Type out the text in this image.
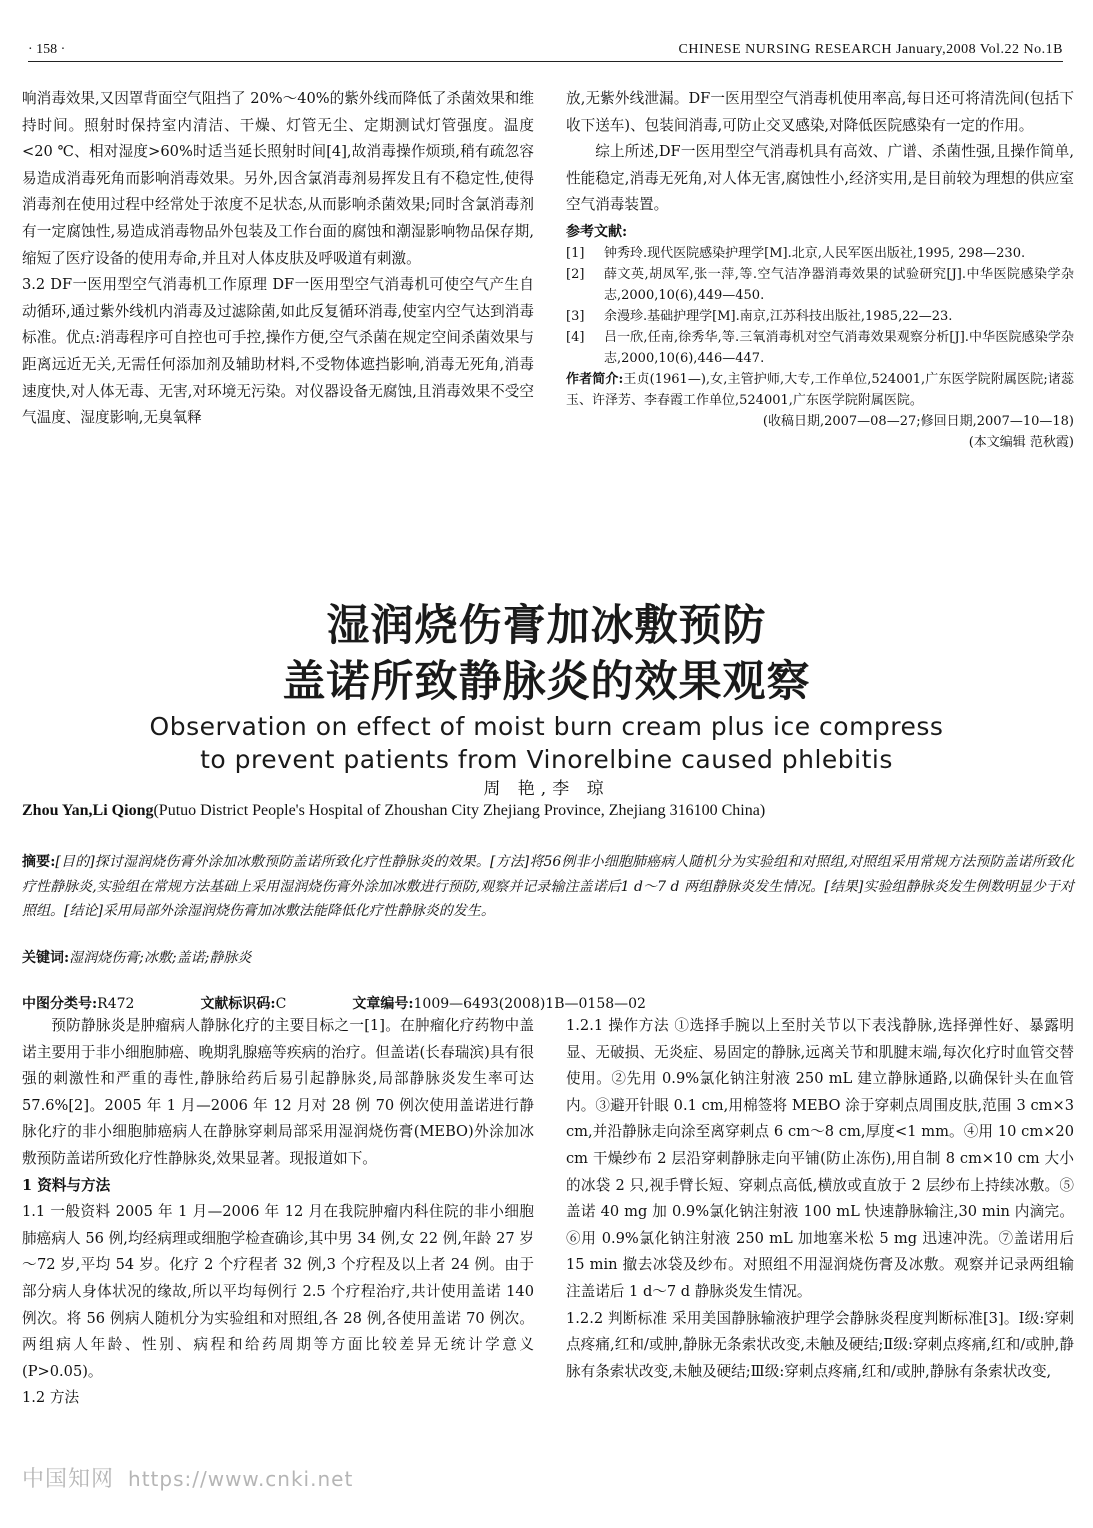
· 158 ·	CHINESE NURSING RESEARCH January,2008 Vol.22 No.1B

响消毒效果,又因罩背面空气阻挡了 20%～40%的紫外线而降低了杀菌效果和维持时间。照射时保持室内清洁、干燥、灯管无尘、定期测试灯管强度。温度<20 ℃、相对湿度>60%时适当延长照射时间[4],故消毒操作烦琐,稍有疏忽容易造成消毒死角而影响消毒效果。另外,因含氯消毒剂易挥发且有不稳定性,使得消毒剂在使用过程中经常处于浓度不足状态,从而影响杀菌效果;同时含氯消毒剂有一定腐蚀性,易造成消毒物品外包装及工作台面的腐蚀和潮湿影响物品保存期,缩短了医疗设备的使用寿命,并且对人体皮肤及呼吸道有刺激。

3.2 DF一医用型空气消毒机工作原理 DF一医用型空气消毒机可使空气产生自动循环,通过紫外线机内消毒及过滤除菌,如此反复循环消毒,使室内空气达到消毒标准。优点:消毒程序可自控也可手控,操作方便,空气杀菌在规定空间杀菌效果与距离远近无关,无需任何添加剂及辅助材料,不受物体遮挡影响,消毒无死角,消毒速度快,对人体无毒、无害,对环境无污染。对仪器设备无腐蚀,且消毒效果不受空气温度、湿度影响,无臭氧释

放,无紫外线泄漏。DF一医用型空气消毒机使用率高,每日还可将清洗间(包括下收下送车)、包装间消毒,可防止交叉感染,对降低医院感染有一定的作用。

综上所述,DF一医用型空气消毒机具有高效、广谱、杀菌性强,且操作简单,性能稳定,消毒无死角,对人体无害,腐蚀性小,经济实用,是目前较为理想的供应室空气消毒装置。

参考文献:
[1]	钟秀玲.现代医院感染护理学[M].北京,人民军医出版社,1995, 298—230.
[2]	薛文英,胡凤军,张一萍,等.空气洁净器消毒效果的试验研究[J].中华医院感染学杂志,2000,10(6),449—450.
[3]	余漫珍.基础护理学[M].南京,江苏科技出版社,1985,22—23.
[4]	吕一欣,任南,徐秀华,等.三氧消毒机对空气消毒效果观察分析[J].中华医院感染学杂志,2000,10(6),446—447.
作者简介:王贞(1961—),女,主管护师,大专,工作单位,524001,广东医学院附属医院;诸蕊玉、许泽芳、李春霞工作单位,524001,广东医学院附属医院。
(收稿日期,2007—08—27;修回日期,2007—10—18)
(本文编辑 范秋霞)

湿润烧伤膏加冰敷预防

盖诺所致静脉炎的效果观察

Observation on effect of moist burn cream plus ice compress

to prevent patients from Vinorelbine caused phlebitis

周 艳,李 琼

Zhou Yan,Li Qiong(Putuo District People's Hospital of Zhoushan City Zhejiang Province, Zhejiang 316100 China)
摘要:[目的]探讨湿润烧伤膏外涂加冰敷预防盖诺所致化疗性静脉炎的效果。[方法]将56例非小细胞肺癌病人随机分为实验组和对照组,对照组采用常规方法预防盖诺所致化疗性静脉炎,实验组在常规方法基础上采用湿润烧伤膏外涂加冰敷进行预防,观察并记录输注盖诺后1 d～7 d 两组静脉炎发生情况。[结果]实验组静脉炎发生例数明显少于对照组。[结论]采用局部外涂湿润烧伤膏加冰敷法能降低化疗性静脉炎的发生。
关键词:湿润烧伤膏;冰敷;盖诺;静脉炎
中图分类号:R472	文献标识码:C	文章编号:1009—6493(2008)1B—0158—02

预防静脉炎是肿瘤病人静脉化疗的主要目标之一[1]。在肿瘤化疗药物中盖诺主要用于非小细胞肺癌、晚期乳腺癌等疾病的治疗。但盖诺(长春瑞滨)具有很强的刺激性和严重的毒性,静脉给药后易引起静脉炎,局部静脉炎发生率可达 57.6%[2]。2005 年 1 月—2006 年 12 月对 28 例 70 例次使用盖诺进行静脉化疗的非小细胞肺癌病人在静脉穿刺局部采用湿润烧伤膏(MEBO)外涂加冰敷预防盖诺所致化疗性静脉炎,效果显著。现报道如下。

1 资料与方法

1.1 一般资料 2005 年 1 月—2006 年 12 月在我院肿瘤内科住院的非小细胞肺癌病人 56 例,均经病理或细胞学检查确诊,其中男 34 例,女 22 例,年龄 27 岁～72 岁,平均 54 岁。化疗 2 个疗程者 32 例,3 个疗程及以上者 24 例。由于部分病人身体状况的缘故,所以平均每例行 2.5 个疗程治疗,共计使用盖诺 140 例次。将 56 例病人随机分为实验组和对照组,各 28 例,各使用盖诺 70 例次。两组病人年龄、性别、病程和给药周期等方面比较差异无统计学意义(P>0.05)。

1.2 方法

1.2.1 操作方法 ①选择手腕以上至肘关节以下表浅静脉,选择弹性好、暴露明显、无破损、无炎症、易固定的静脉,远离关节和肌腱末端,每次化疗时血管交替使用。②先用 0.9%氯化钠注射液 250 mL 建立静脉通路,以确保针头在血管内。③避开针眼 0.1 cm,用棉签将 MEBO 涂于穿刺点周围皮肤,范围 3 cm×3 cm,并沿静脉走向涂至离穿刺点 6 cm～8 cm,厚度<1 mm。④用 10 cm×20 cm 干燥纱布 2 层沿穿刺静脉走向平铺(防止冻伤),用自制 8 cm×10 cm 大小的冰袋 2 只,视手臂长短、穿刺点高低,横放或直放于 2 层纱布上持续冰敷。⑤盖诺 40 mg 加 0.9%氯化钠注射液 100 mL 快速静脉输注,30 min 内滴完。⑥用 0.9%氯化钠注射液 250 mL 加地塞米松 5 mg 迅速冲洗。⑦盖诺用后 15 min 撤去冰袋及纱布。对照组不用湿润烧伤膏及冰敷。观察并记录两组输注盖诺后 1 d～7 d 静脉炎发生情况。

1.2.2 判断标准 采用美国静脉输液护理学会静脉炎程度判断标准[3]。Ⅰ级:穿刺点疼痛,红和/或肿,静脉无条索状改变,未触及硬结;Ⅱ级:穿刺点疼痛,红和/或肿,静脉有条索状改变,未触及硬结;Ⅲ级:穿刺点疼痛,红和/或肿,静脉有条索状改变,

中国知网 https://www.cnki.net
